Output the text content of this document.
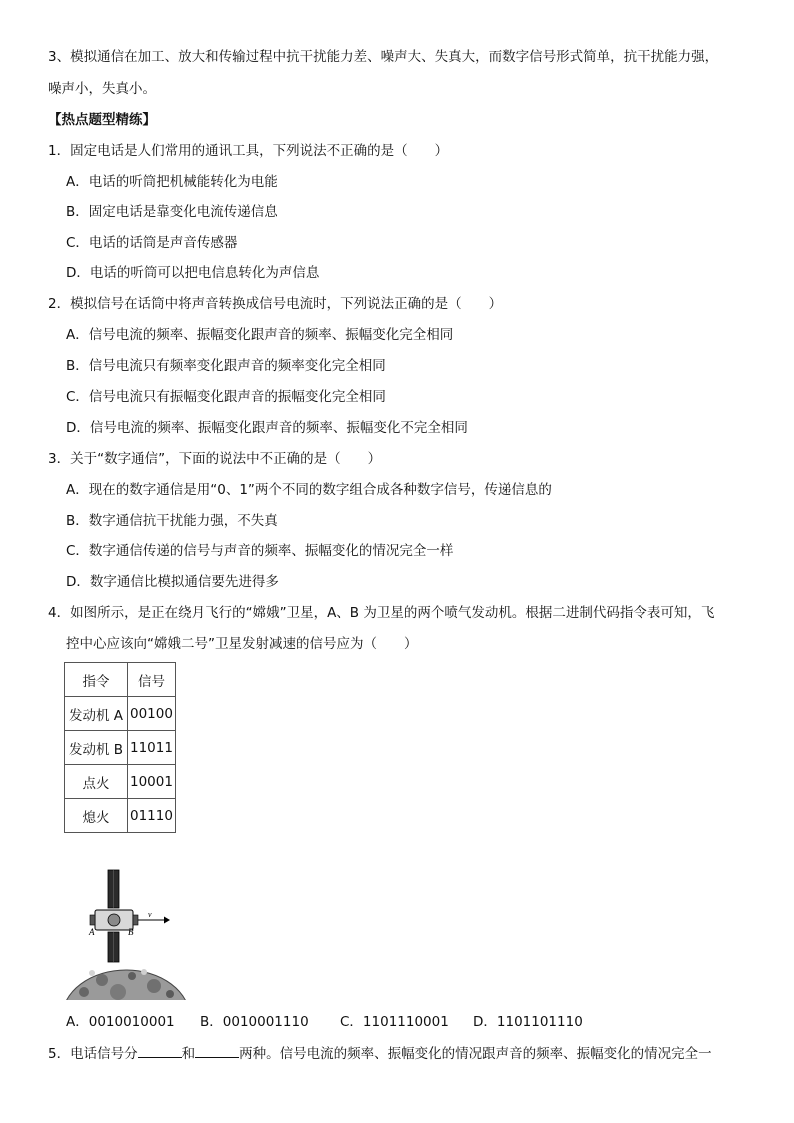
3、模拟通信在加工、放大和传输过程中抗干扰能力差、噪声大、失真大，而数字信号形式简单，抗干扰能力强，
噪声小，失真小。
【热点题型精练】
1．固定电话是人们常用的通讯工具，下列说法不正确的是（　　）
A．电话的听筒把机械能转化为电能
B．固定电话是靠变化电流传递信息
C．电话的话筒是声音传感器
D．电话的听筒可以把电信息转化为声信息
2．模拟信号在话筒中将声音转换成信号电流时，下列说法正确的是（　　）
A．信号电流的频率、振幅变化跟声音的频率、振幅变化完全相同
B．信号电流只有频率变化跟声音的频率变化完全相同
C．信号电流只有振幅变化跟声音的振幅变化完全相同
D．信号电流的频率、振幅变化跟声音的频率、振幅变化不完全相同
3．关于“数字通信”，下面的说法中不正确的是（　　）
A．现在的数字通信是用“0、1”两个不同的数字组合成各种数字信号，传递信息的
B．数字通信抗干扰能力强，不失真
C．数字通信传递的信号与声音的频率、振幅变化的情况完全一样
D．数字通信比模拟通信要先进得多
4．如图所示，是正在绕月飞行的“嫦娥”卫星，A、B 为卫星的两个喷气发动机。根据二进制代码指令表可知，飞
控中心应该向“嫦娥二号”卫星发射减速的信号应为（　　）
指令	信号
发动机 A	00100
发动机 B	11011
点火	10001
熄火	01110
v
A	B
A．0010010001 B．0010001110 C．1101110001 D．1101101110
5．电话信号分	和	两种。信号电流的频率、振幅变化的情况跟声音的频率、振幅变化的情况完全一
